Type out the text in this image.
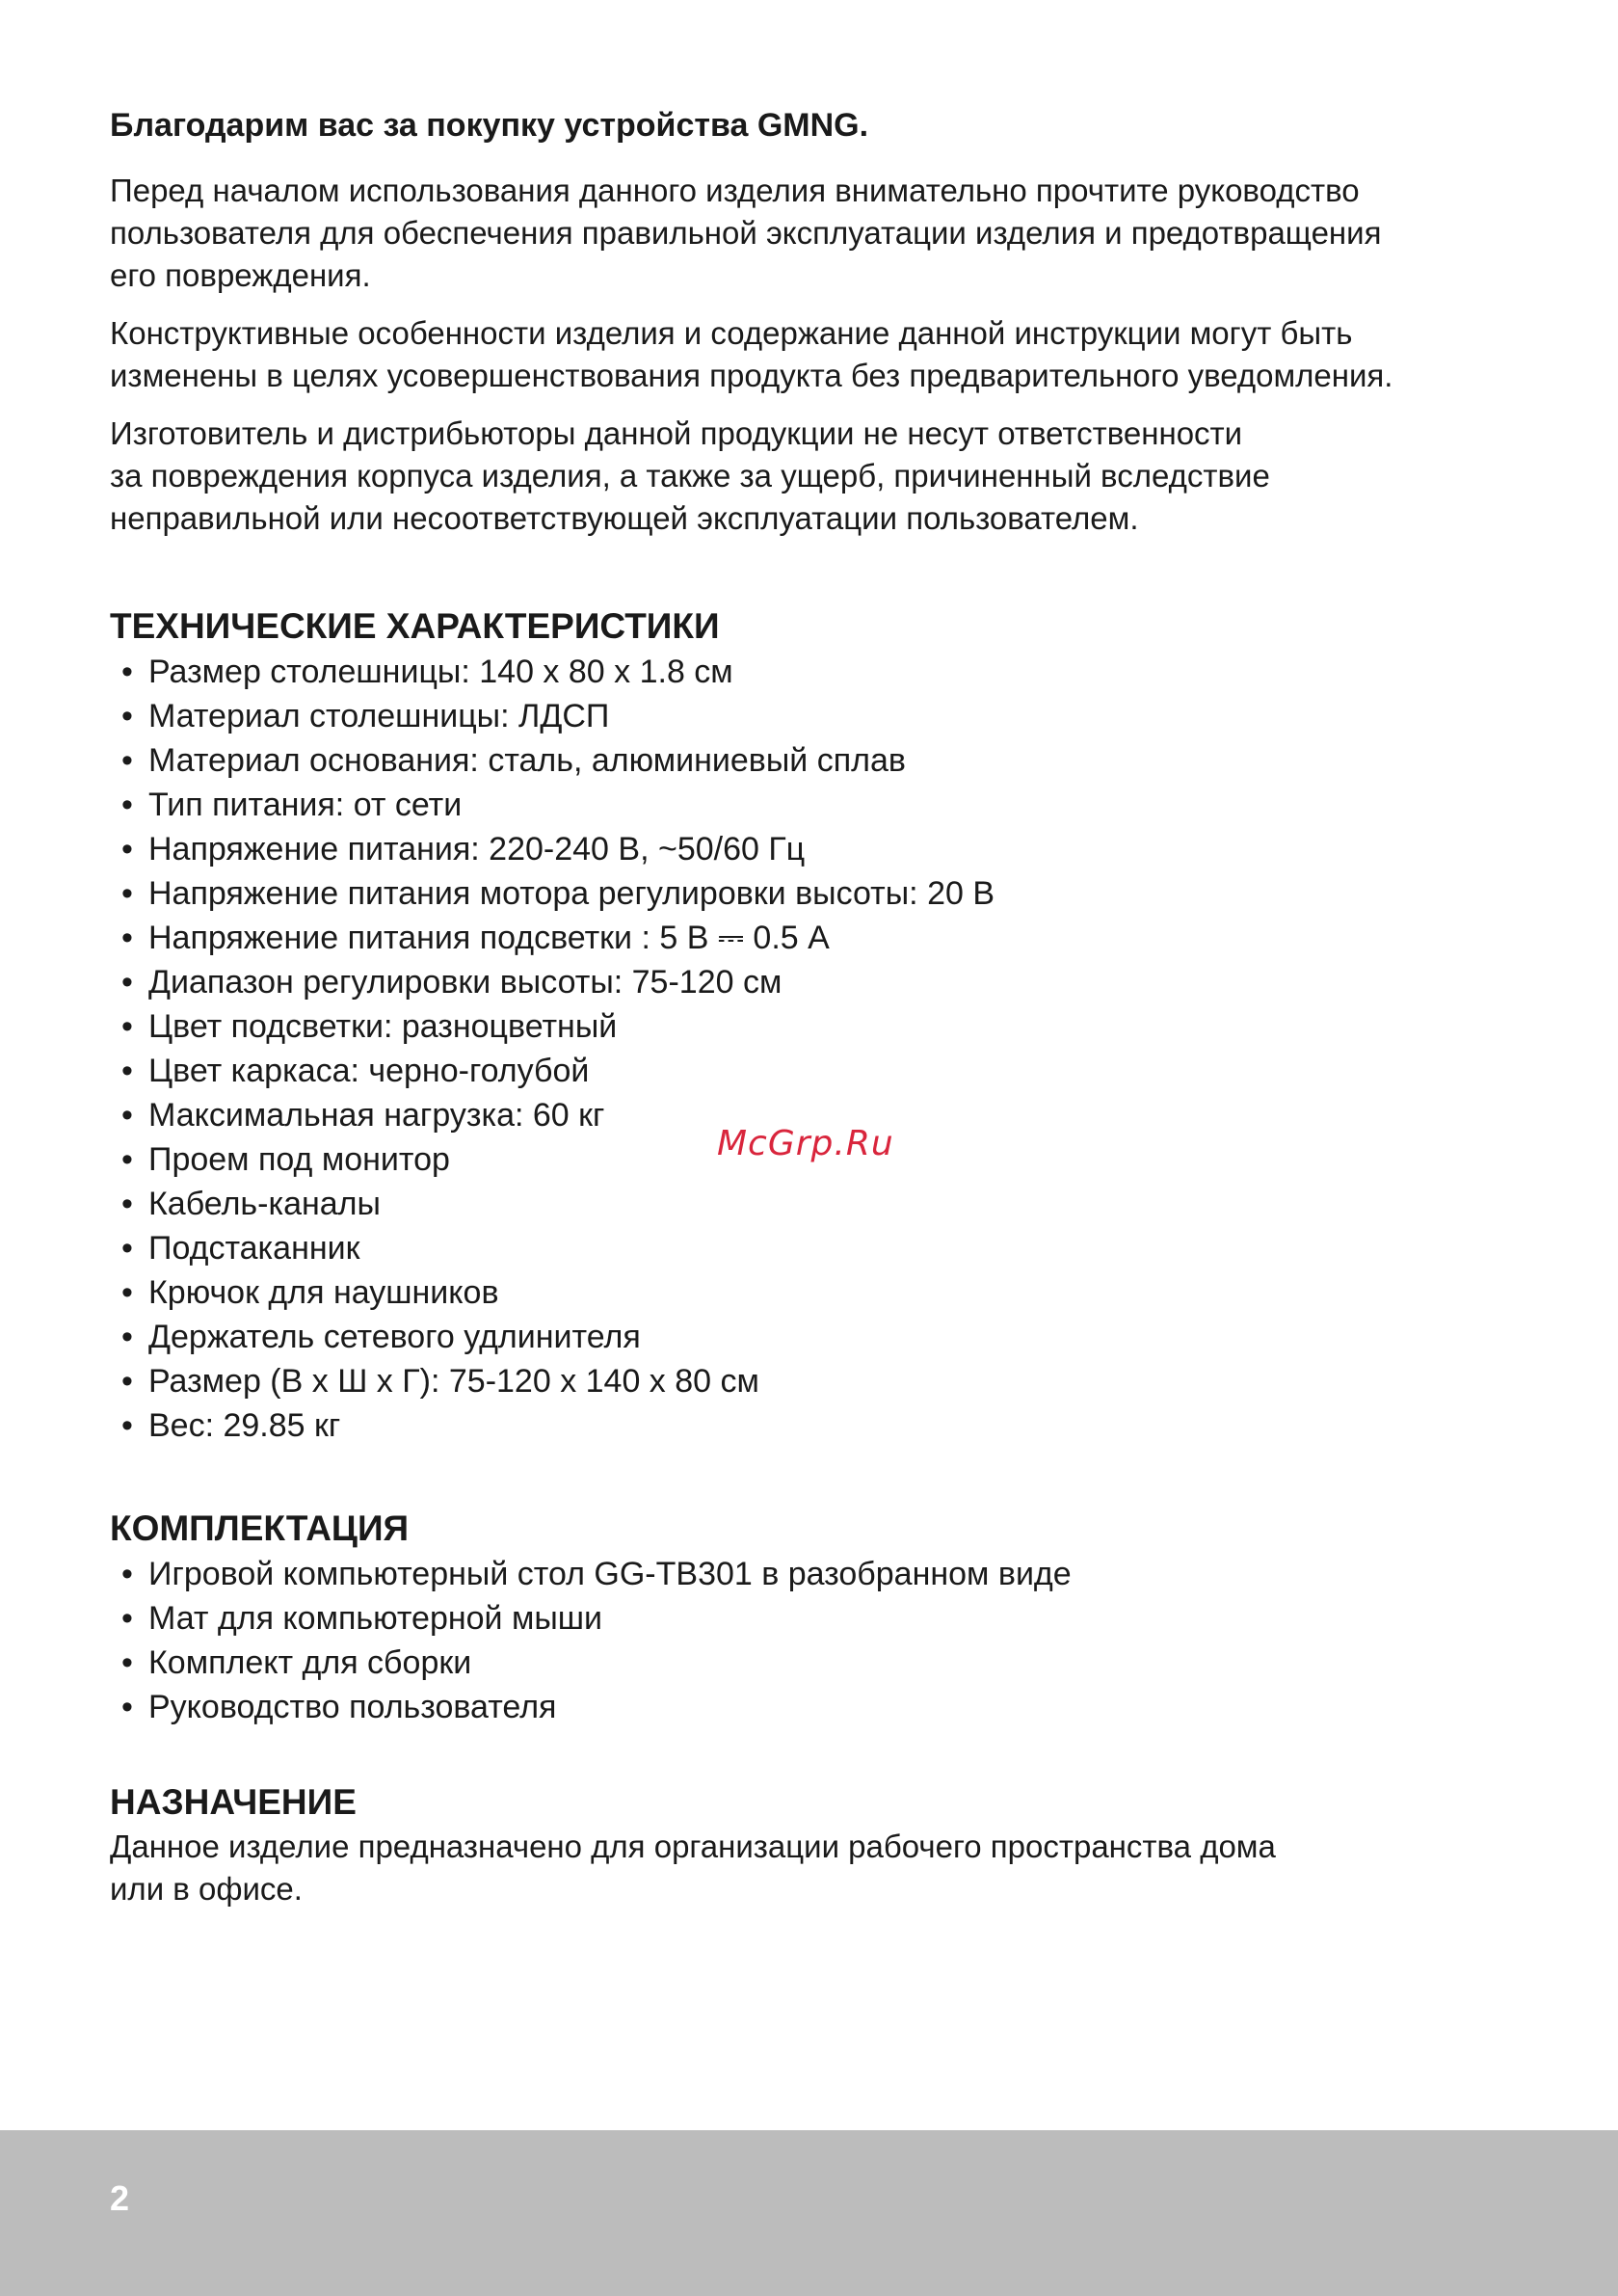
Благодарим вас за покупку устройства GMNG.

Перед началом использования данного изделия внимательно прочтите руководство
пользователя для обеспечения правильной эксплуатации изделия и предотвращения
его повреждения.

Конструктивные особенности изделия и содержание данной инструкции могут быть
изменены в целях усовершенствования продукта без предварительного уведомления.

Изготовитель и дистрибьюторы данной продукции не несут ответственности
за повреждения корпуса изделия, а также за ущерб, причиненный вследствие
неправильной или несоответствующей эксплуатации пользователем.

ТЕХНИЧЕСКИЕ ХАРАКТЕРИСТИКИ
• Размер столешницы: 140 х 80 х 1.8 см
• Материал столешницы: ЛДСП
• Материал основания: сталь, алюминиевый сплав
• Тип питания: от сети
• Напряжение питания: 220-240 В, ~50/60 Гц
• Напряжение питания мотора регулировки высоты: 20 В
• Напряжение питания подсветки : 5 В ⎓ 0.5 А
• Диапазон регулировки высоты: 75-120 см
• Цвет подсветки: разноцветный
• Цвет каркаса: черно-голубой
• Максимальная нагрузка: 60 кг
• Проем под монитор
• Кабель-каналы
• Подстаканник
• Крючок для наушников
• Держатель сетевого удлинителя
• Размер (В х Ш х Г): 75-120 х 140 х 80 см
• Вес: 29.85 кг
КОМПЛЕКТАЦИЯ
• Игровой компьютерный стол GG-TB301 в разобранном виде
• Мат для компьютерной мыши
• Комплект для сборки
• Руководство пользователя
НАЗНАЧЕНИЕ

Данное изделие предназначено для организации рабочего пространства дома
или в офисе.

McGrp.Ru
2
